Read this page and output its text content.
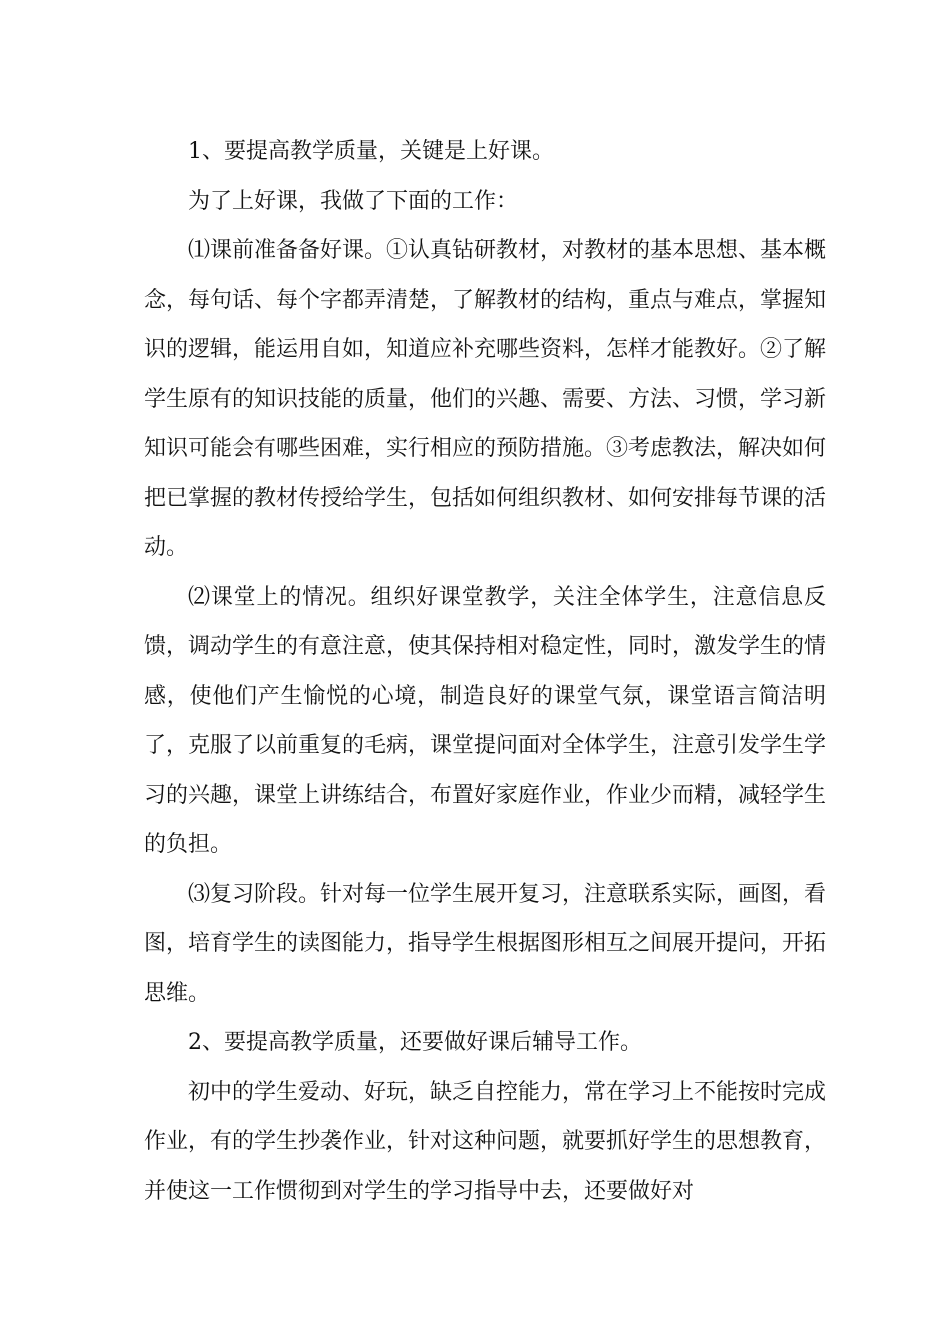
1、要提高教学质量，关键是上好课。

为了上好课，我做了下面的工作：

⑴课前准备备好课。①认真钻研教材，对教材的基本思想、基本概念，每句话、每个字都弄清楚，了解教材的结构，重点与难点，掌握知识的逻辑，能运用自如，知道应补充哪些资料，怎样才能教好。②了解学生原有的知识技能的质量，他们的兴趣、需要、方法、习惯，学习新知识可能会有哪些困难，实行相应的预防措施。③考虑教法，解决如何把已掌握的教材传授给学生，包括如何组织教材、如何安排每节课的活动。

⑵课堂上的情况。组织好课堂教学，关注全体学生，注意信息反馈，调动学生的有意注意，使其保持相对稳定性，同时，激发学生的情感，使他们产生愉悦的心境，制造良好的课堂气氛，课堂语言简洁明了，克服了以前重复的毛病，课堂提问面对全体学生，注意引发学生学习的兴趣，课堂上讲练结合，布置好家庭作业，作业少而精，减轻学生的负担。

⑶复习阶段。针对每一位学生展开复习，注意联系实际，画图，看图，培育学生的读图能力，指导学生根据图形相互之间展开提问，开拓思维。

2、要提高教学质量，还要做好课后辅导工作。

初中的学生爱动、好玩，缺乏自控能力，常在学习上不能按时完成作业，有的学生抄袭作业，针对这种问题，就要抓好学生的思想教育，并使这一工作惯彻到对学生的学习指导中去，还要做好对
